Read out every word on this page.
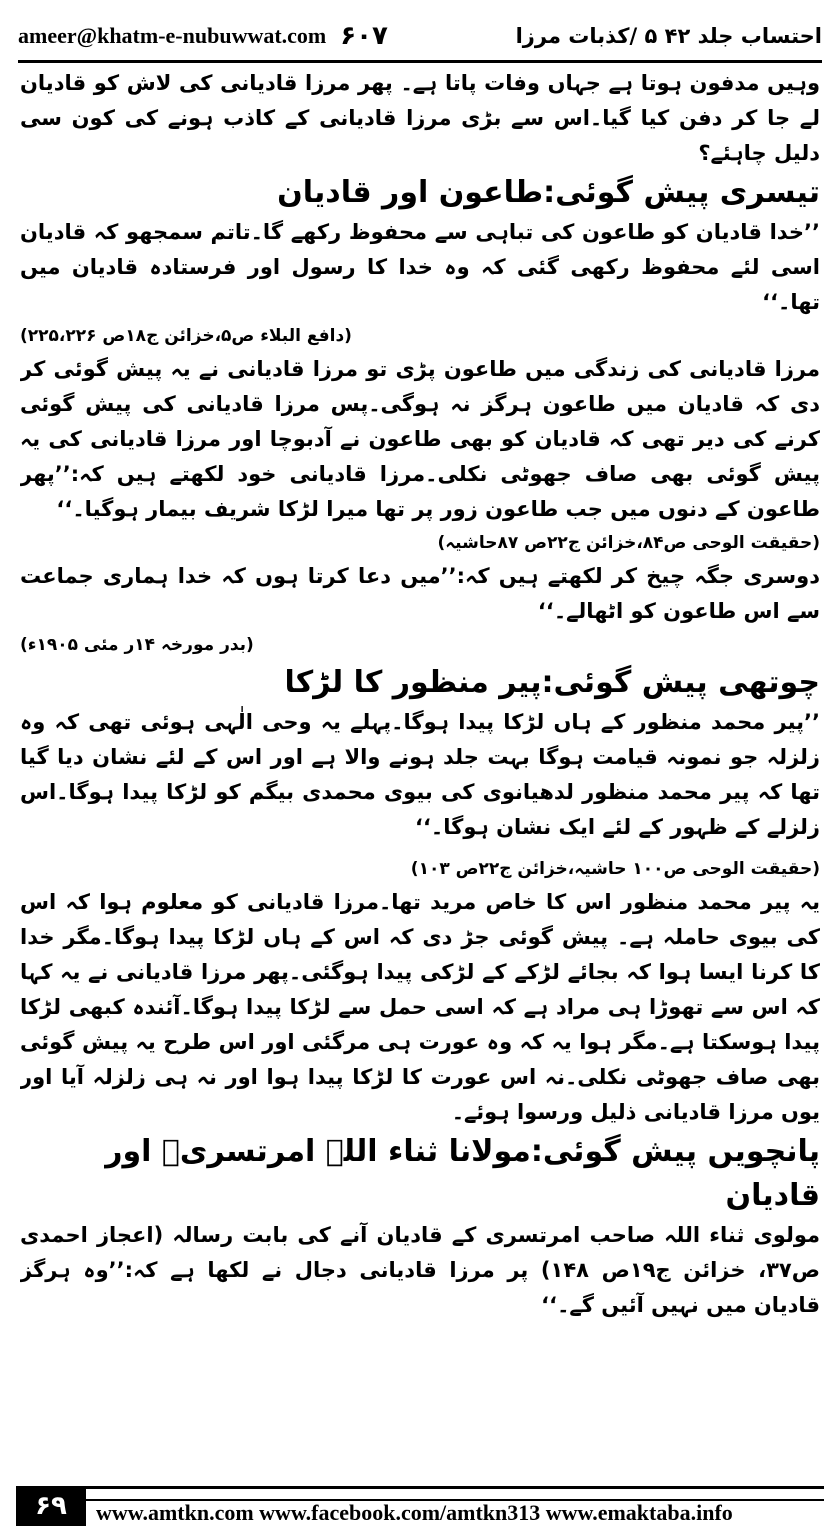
ameer@khatm-e-nubuwwat.com ۶۰۷	احتساب جلد ۴۲ ۵ /کذبات مرزا

وہیں مدفون ہوتا ہے جہاں وفات پاتا ہے۔ پھر مرزا قادیانی کی لاش کو قادیان لے جا کر دفن کیا گیا۔اس سے بڑی مرزا قادیانی کے کاذب ہونے کی کون سی دلیل چاہئے؟

تیسری پیش گوئی:طاعون اور قادیان

’’خدا قادیان کو طاعون کی تباہی سے محفوظ رکھے گا۔تاتم سمجھو کہ قادیان اسی لئے محفوظ رکھی گئی کہ وہ خدا کا رسول اور فرستادہ قادیان میں تھا۔‘‘

(دافع البلاء ص۵،خزائن ج۱۸ص ۲۲۵،۲۲۶)

مرزا قادیانی کی زندگی میں طاعون پڑی تو مرزا قادیانی نے یہ پیش گوئی کر دی کہ قادیان میں طاعون ہرگز نہ ہوگی۔پس مرزا قادیانی کی پیش گوئی کرنے کی دیر تھی کہ قادیان کو بھی طاعون نے آدبوچا اور مرزا قادیانی کی یہ پیش گوئی بھی صاف جھوٹی نکلی۔مرزا قادیانی خود لکھتے ہیں کہ:’’پھر طاعون کے دنوں میں جب طاعون زور پر تھا میرا لڑکا شریف بیمار ہوگیا۔‘‘

(حقیقت الوحی ص۸۴،خزائن ج۲۲ص ۸۷حاشیہ)

دوسری جگہ چیخ کر لکھتے ہیں کہ:’’میں دعا کرتا ہوں کہ خدا ہماری جماعت سے اس طاعون کو اٹھالے۔‘‘

(بدر مورخہ ۱۴ر مئی ۱۹۰۵ء)

چوتھی پیش گوئی:پیر منظور کا لڑکا

’’پیر محمد منظور کے ہاں لڑکا پیدا ہوگا۔پہلے یہ وحی الٰہی ہوئی تھی کہ وہ زلزلہ جو نمونہ قیامت ہوگا بہت جلد ہونے والا ہے اور اس کے لئے نشان دیا گیا تھا کہ پیر محمد منظور لدھیانوی کی بیوی محمدی بیگم کو لڑکا پیدا ہوگا۔اس زلزلے کے ظہور کے لئے ایک نشان ہوگا۔‘‘

(حقیقت الوحی ص۱۰۰ حاشیہ،خزائن ج۲۲ص ۱۰۳)

یہ پیر محمد منظور اس کا خاص مرید تھا۔مرزا قادیانی کو معلوم ہوا کہ اس کی بیوی حاملہ ہے۔ پیش گوئی جڑ دی کہ اس کے ہاں لڑکا پیدا ہوگا۔مگر خدا کا کرنا ایسا ہوا کہ بجائے لڑکے کے لڑکی پیدا ہوگئی۔پھر مرزا قادیانی نے یہ کہا کہ اس سے تھوڑا ہی مراد ہے کہ اسی حمل سے لڑکا پیدا ہوگا۔آئندہ کبھی لڑکا پیدا ہوسکتا ہے۔مگر ہوا یہ کہ وہ عورت ہی مرگئی اور اس طرح یہ پیش گوئی بھی صاف جھوٹی نکلی۔نہ اس عورت کا لڑکا پیدا ہوا اور نہ ہی زلزلہ آیا اور یوں مرزا قادیانی ذلیل ورسوا ہوئے۔

پانچویں پیش گوئی:مولانا ثناء اللہ امرتسریؒ اور قادیان

مولوی ثناء اللہ صاحب امرتسری کے قادیان آنے کی بابت رسالہ (اعجاز احمدی ص۳۷، خزائن ج۱۹ص ۱۴۸) پر مرزا قادیانی دجال نے لکھا ہے کہ:’’وہ ہرگز قادیان میں نہیں آئیں گے۔‘‘

۶۹	www.amtkn.com www.facebook.com/amtkn313 www.emaktaba.info
